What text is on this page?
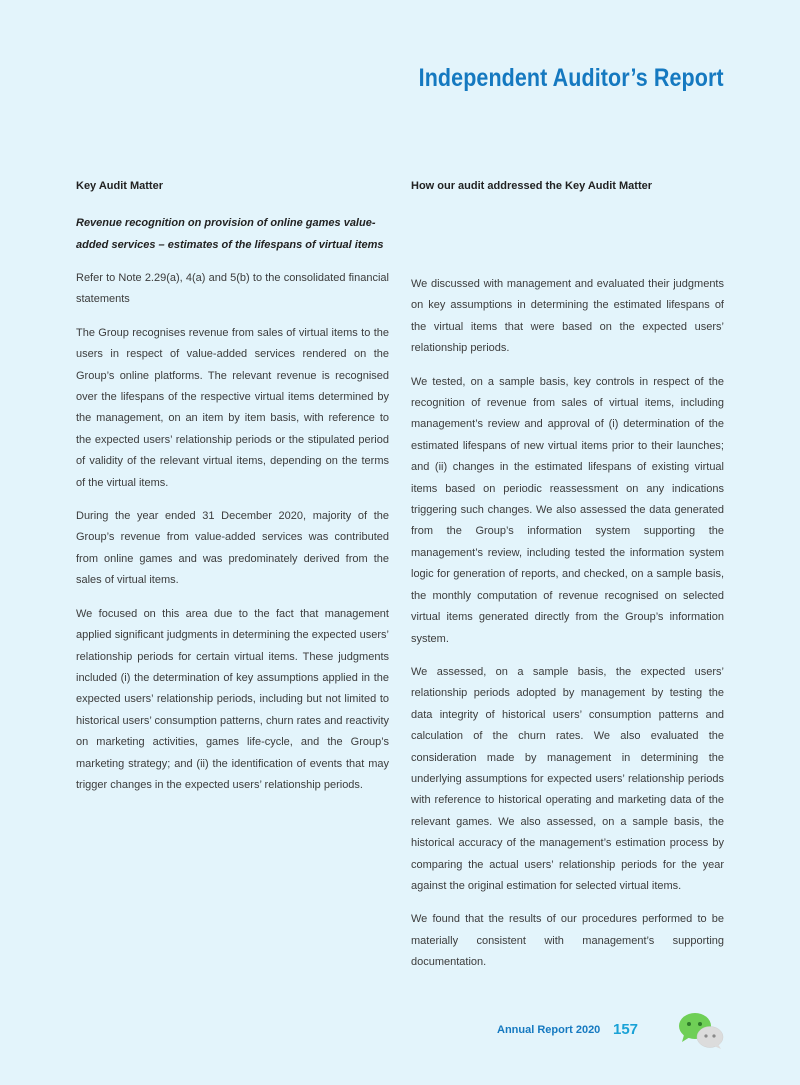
Independent Auditor’s Report
Key Audit Matter
Revenue recognition on provision of online games value-added services – estimates of the lifespans of virtual items

Refer to Note 2.29(a), 4(a) and 5(b) to the consolidated financial statements

The Group recognises revenue from sales of virtual items to the users in respect of value-added services rendered on the Group’s online platforms. The relevant revenue is recognised over the lifespans of the respective virtual items determined by the management, on an item by item basis, with reference to the expected users’ relationship periods or the stipulated period of validity of the relevant virtual items, depending on the terms of the virtual items.

During the year ended 31 December 2020, majority of the Group’s revenue from value-added services was contributed from online games and was predominately derived from the sales of virtual items.

We focused on this area due to the fact that management applied significant judgments in determining the expected users’ relationship periods for certain virtual items. These judgments included (i) the determination of key assumptions applied in the expected users’ relationship periods, including but not limited to historical users’ consumption patterns, churn rates and reactivity on marketing activities, games life-cycle, and the Group’s marketing strategy; and (ii) the identification of events that may trigger changes in the expected users’ relationship periods.

How our audit addressed the Key Audit Matter

We discussed with management and evaluated their judgments on key assumptions in determining the estimated lifespans of the virtual items that were based on the expected users’ relationship periods.

We tested, on a sample basis, key controls in respect of the recognition of revenue from sales of virtual items, including management’s review and approval of (i) determination of the estimated lifespans of new virtual items prior to their launches; and (ii) changes in the estimated lifespans of existing virtual items based on periodic reassessment on any indications triggering such changes. We also assessed the data generated from the Group’s information system supporting the management’s review, including tested the information system logic for generation of reports, and checked, on a sample basis, the monthly computation of revenue recognised on selected virtual items generated directly from the Group’s information system.

We assessed, on a sample basis, the expected users’ relationship periods adopted by management by testing the data integrity of historical users’ consumption patterns and calculation of the churn rates. We also evaluated the consideration made by management in determining the underlying assumptions for expected users’ relationship periods with reference to historical operating and marketing data of the relevant games. We also assessed, on a sample basis, the historical accuracy of the management’s estimation process by comparing the actual users’ relationship periods for the year against the original estimation for selected virtual items.

We found that the results of our procedures performed to be materially consistent with management’s supporting documentation.

Annual Report 2020 157
